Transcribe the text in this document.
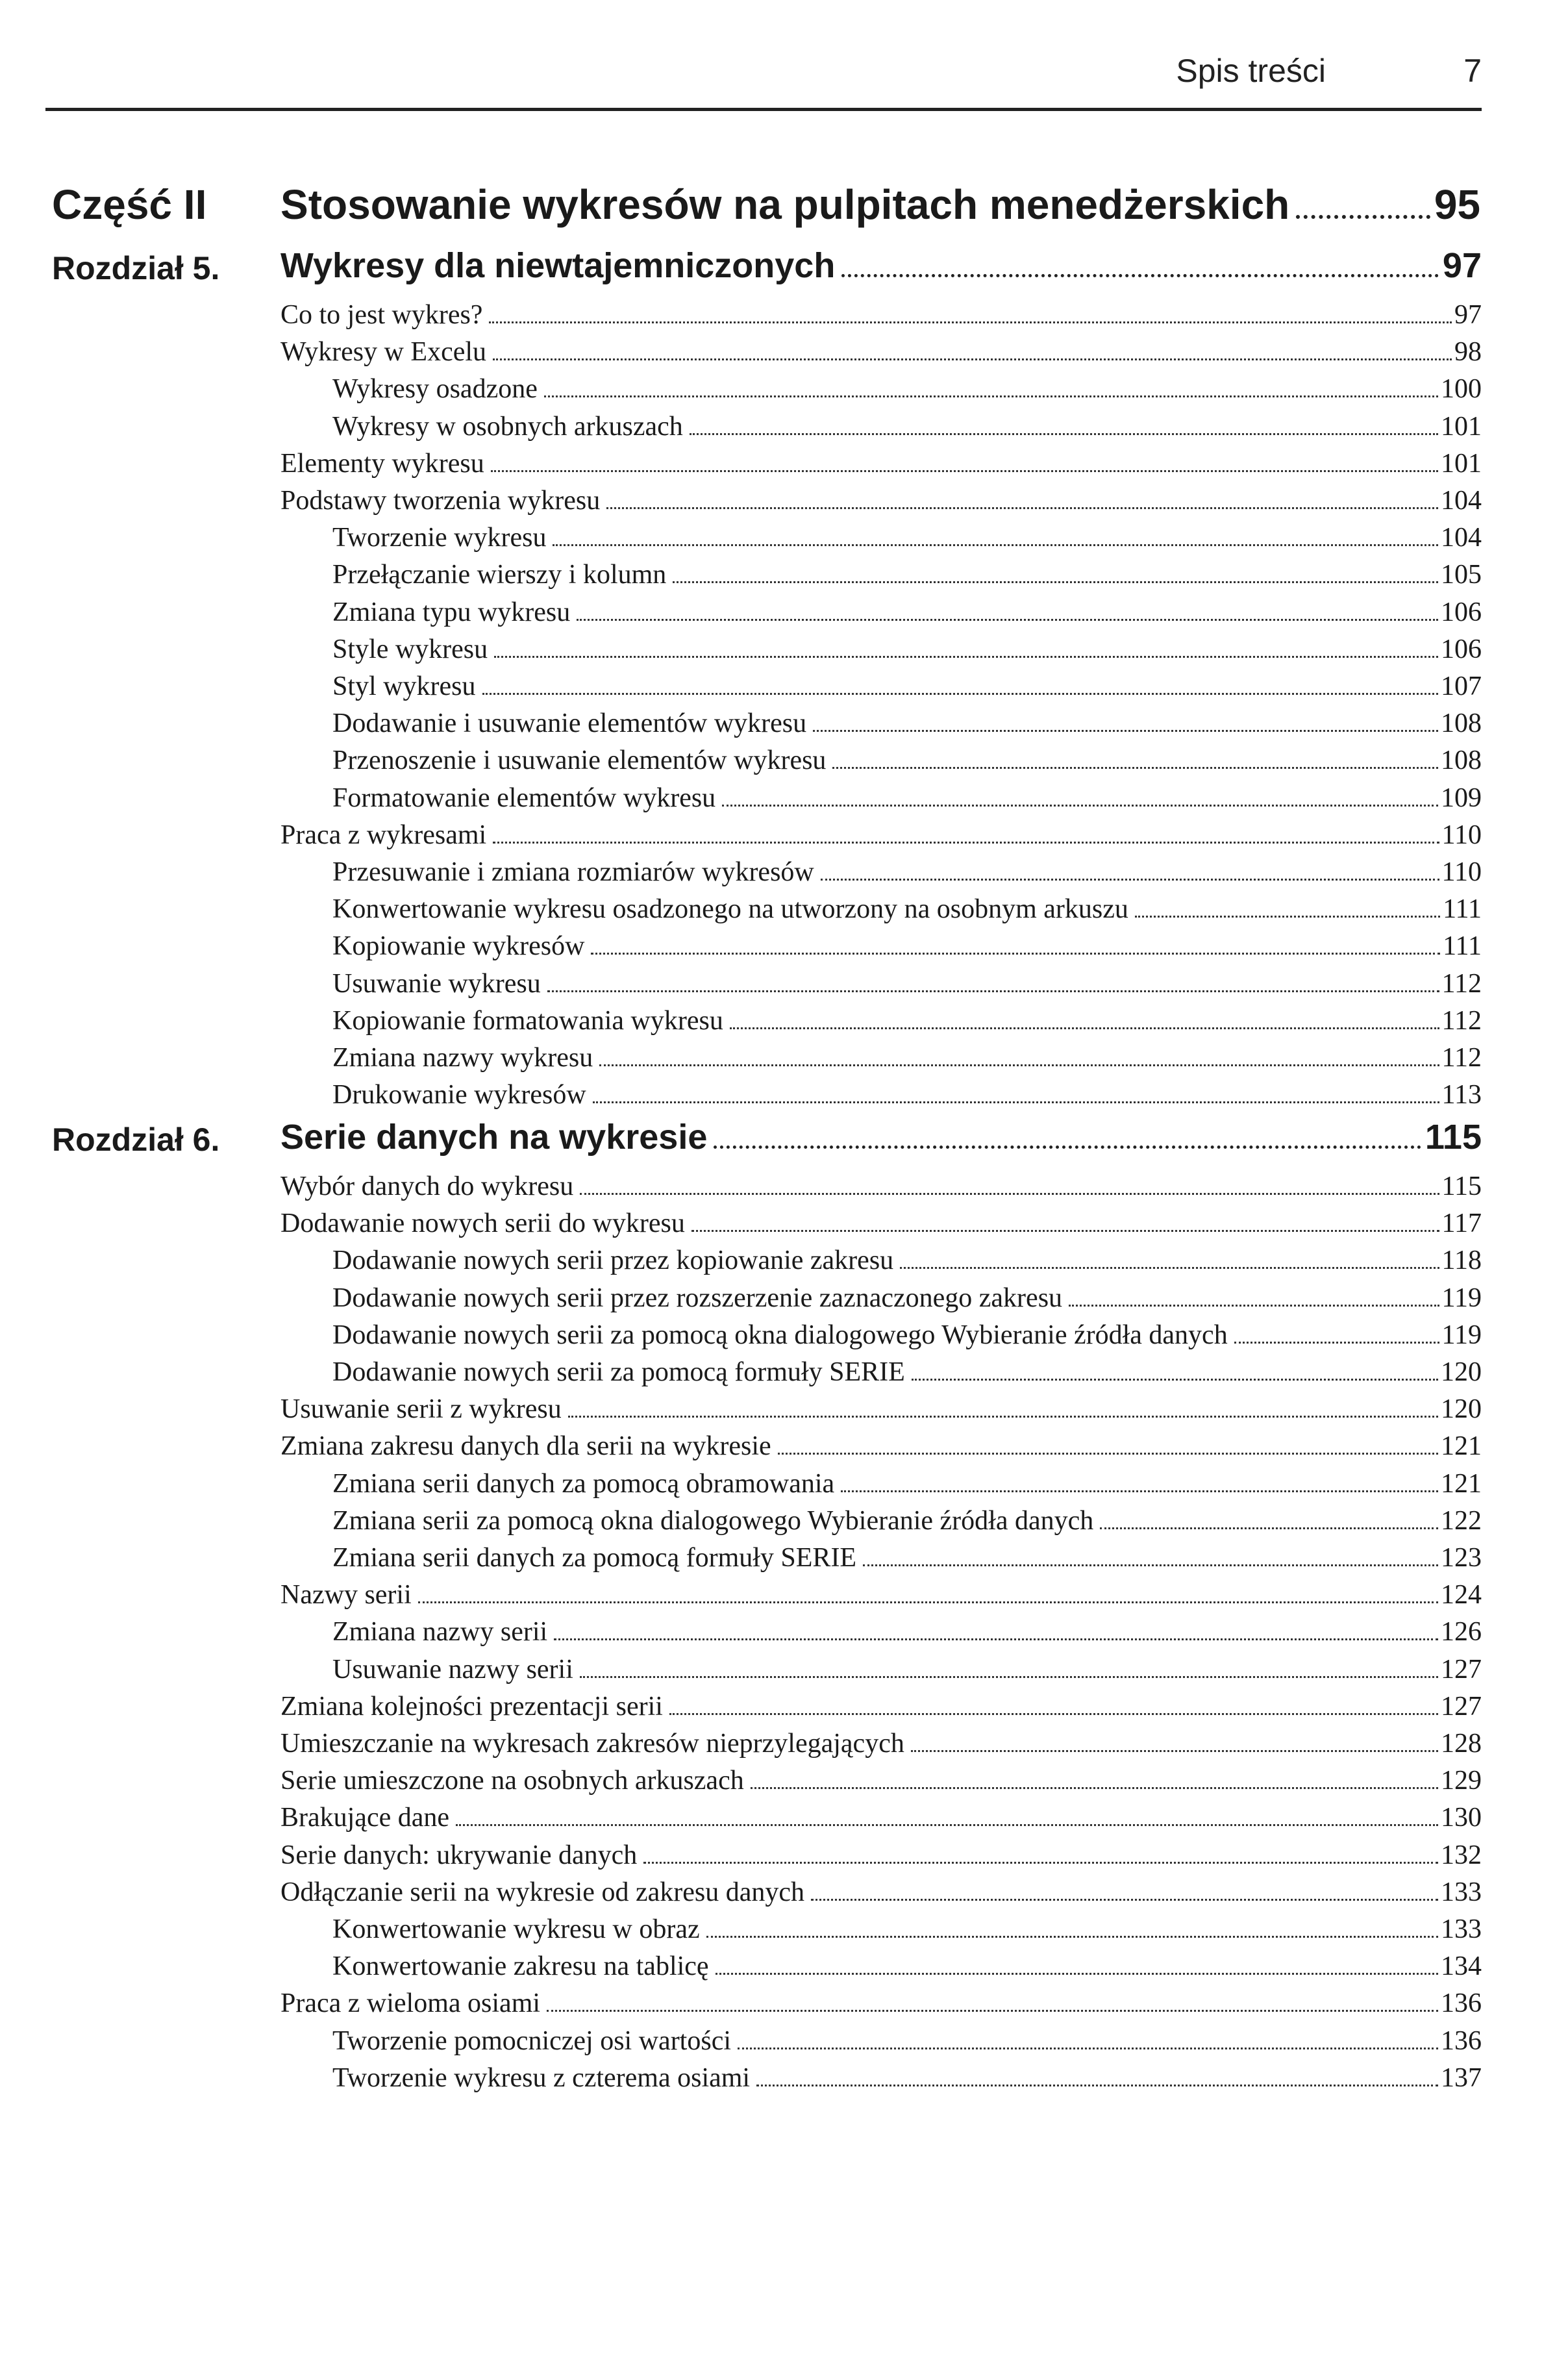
Spis treści	7
Część II	Stosowanie wykresów na pulpitach menedżerskich	95
Rozdział 5. Wykresy dla niewtajemniczonych	97
Co to jest wykres?	97
Wykresy w Excelu	98
Wykresy osadzone	100
Wykresy w osobnych arkuszach	101
Elementy wykresu	101
Podstawy tworzenia wykresu	104
Tworzenie wykresu	104
Przełączanie wierszy i kolumn	105
Zmiana typu wykresu	106
Style wykresu	106
Styl wykresu	107
Dodawanie i usuwanie elementów wykresu	108
Przenoszenie i usuwanie elementów wykresu	108
Formatowanie elementów wykresu	109
Praca z wykresami	110
Przesuwanie i zmiana rozmiarów wykresów	110
Konwertowanie wykresu osadzonego na utworzony na osobnym arkuszu	111
Kopiowanie wykresów	111
Usuwanie wykresu	112
Kopiowanie formatowania wykresu	112
Zmiana nazwy wykresu	112
Drukowanie wykresów	113
Rozdział 6. Serie danych na wykresie	115
Wybór danych do wykresu	115
Dodawanie nowych serii do wykresu	117
Dodawanie nowych serii przez kopiowanie zakresu	118
Dodawanie nowych serii przez rozszerzenie zaznaczonego zakresu	119
Dodawanie nowych serii za pomocą okna dialogowego Wybieranie źródła danych	119
Dodawanie nowych serii za pomocą formuły SERIE	120
Usuwanie serii z wykresu	120
Zmiana zakresu danych dla serii na wykresie	121
Zmiana serii danych za pomocą obramowania	121
Zmiana serii za pomocą okna dialogowego Wybieranie źródła danych	122
Zmiana serii danych za pomocą formuły SERIE	123
Nazwy serii	124
Zmiana nazwy serii	126
Usuwanie nazwy serii	127
Zmiana kolejności prezentacji serii	127
Umieszczanie na wykresach zakresów nieprzylegających	128
Serie umieszczone na osobnych arkuszach	129
Brakujące dane	130
Serie danych: ukrywanie danych	132
Odłączanie serii na wykresie od zakresu danych	133
Konwertowanie wykresu w obraz	133
Konwertowanie zakresu na tablicę	134
Praca z wieloma osiami	136
Tworzenie pomocniczej osi wartości	136
Tworzenie wykresu z czterema osiami	137
